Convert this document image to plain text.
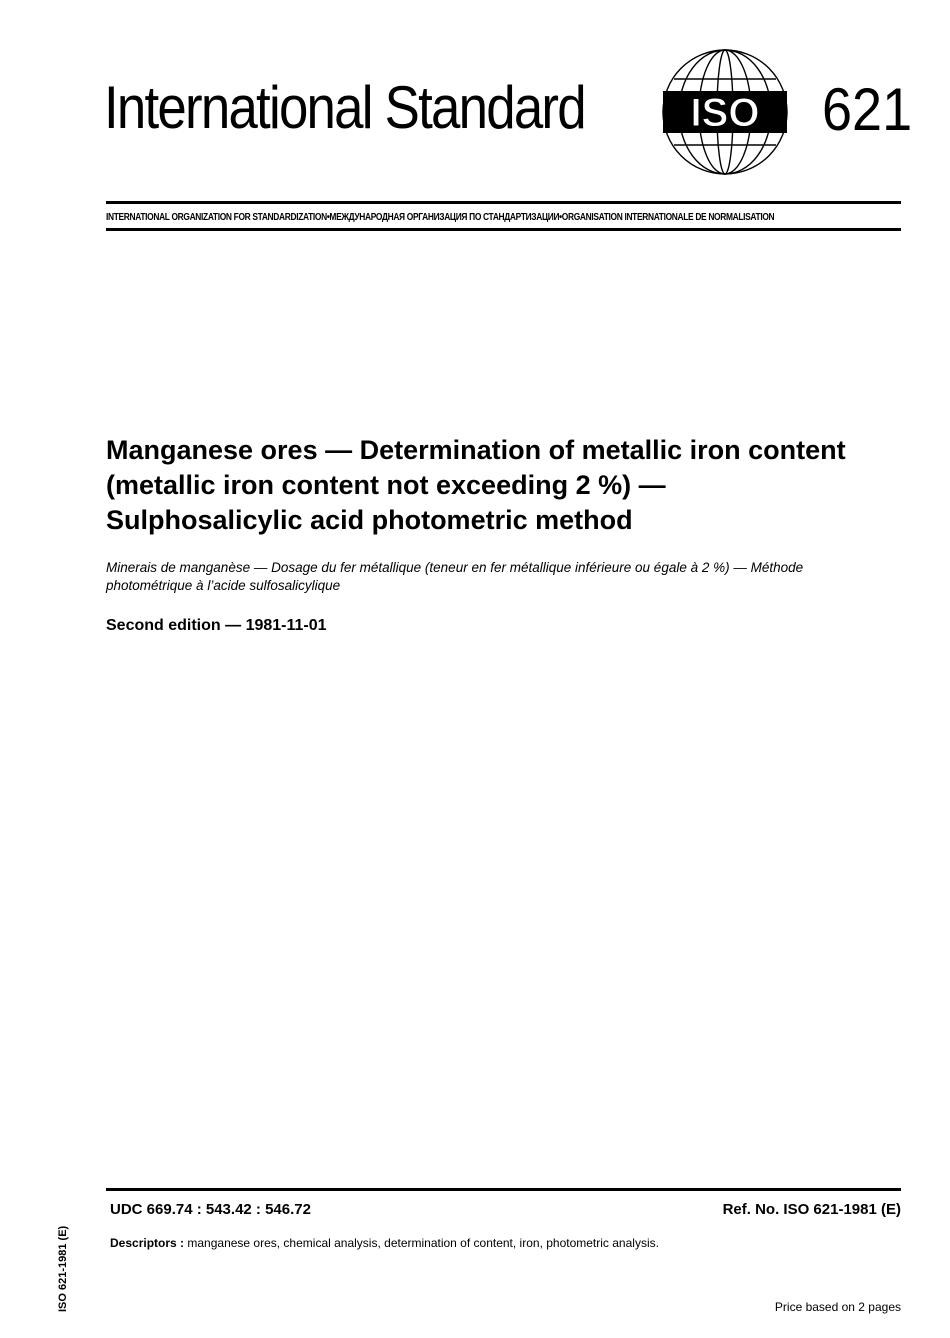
International Standard	ISO 621
INTERNATIONAL ORGANIZATION FOR STANDARDIZATION•МЕЖДУНАРОДНАЯ ОРГАНИЗАЦИЯ ПО СТАНДАРТИЗАЦИИ•ORGANISATION INTERNATIONALE DE NORMALISATION
Manganese ores — Determination of metallic iron content
(metallic iron content not exceeding 2 %) —
Sulphosalicylic acid photometric method
Minerais de manganèse — Dosage du fer métallique (teneur en fer métallique inférieure ou égale à 2 %) — Méthode photométrique à l’acide sulfosalicylique
Second edition — 1981-11-01
UDC 669.74 : 543.42 : 546.72	Ref. No. ISO 621-1981 (E)
Descriptors : manganese ores, chemical analysis, determination of content, iron, photometric analysis.
Price based on 2 pages
ISO 621-1981 (E)
